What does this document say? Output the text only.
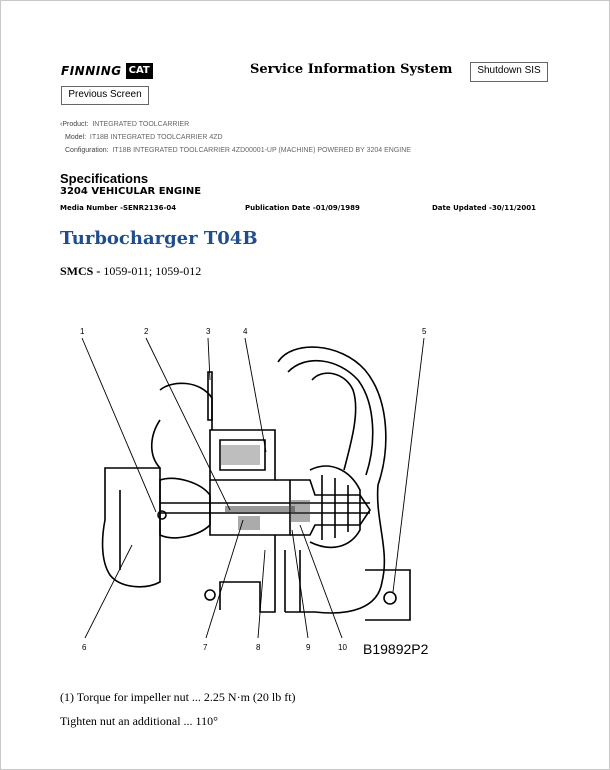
FINNING CAT	Service Information System	Shutdown SIS
Previous Screen
‹Product: INTEGRATED TOOLCARRIER
Model: IT18B INTEGRATED TOOLCARRIER 4ZD
Configuration: IT18B INTEGRATED TOOLCARRIER 4ZD00001-UP (MACHINE) POWERED BY 3204 ENGINE
Specifications
3204 VEHICULAR ENGINE
Media Number -SENR2136-04	Publication Date -01/09/1989	Date Updated -30/11/2001
Turbocharger T04B
SMCS - 1059-011; 1059-012
1	2	3	4	5
6	7	8	9	10 B19892P2
(1) Torque for impeller nut ... 2.25 N·m (20 lb ft)
Tighten nut an additional ... 110°
